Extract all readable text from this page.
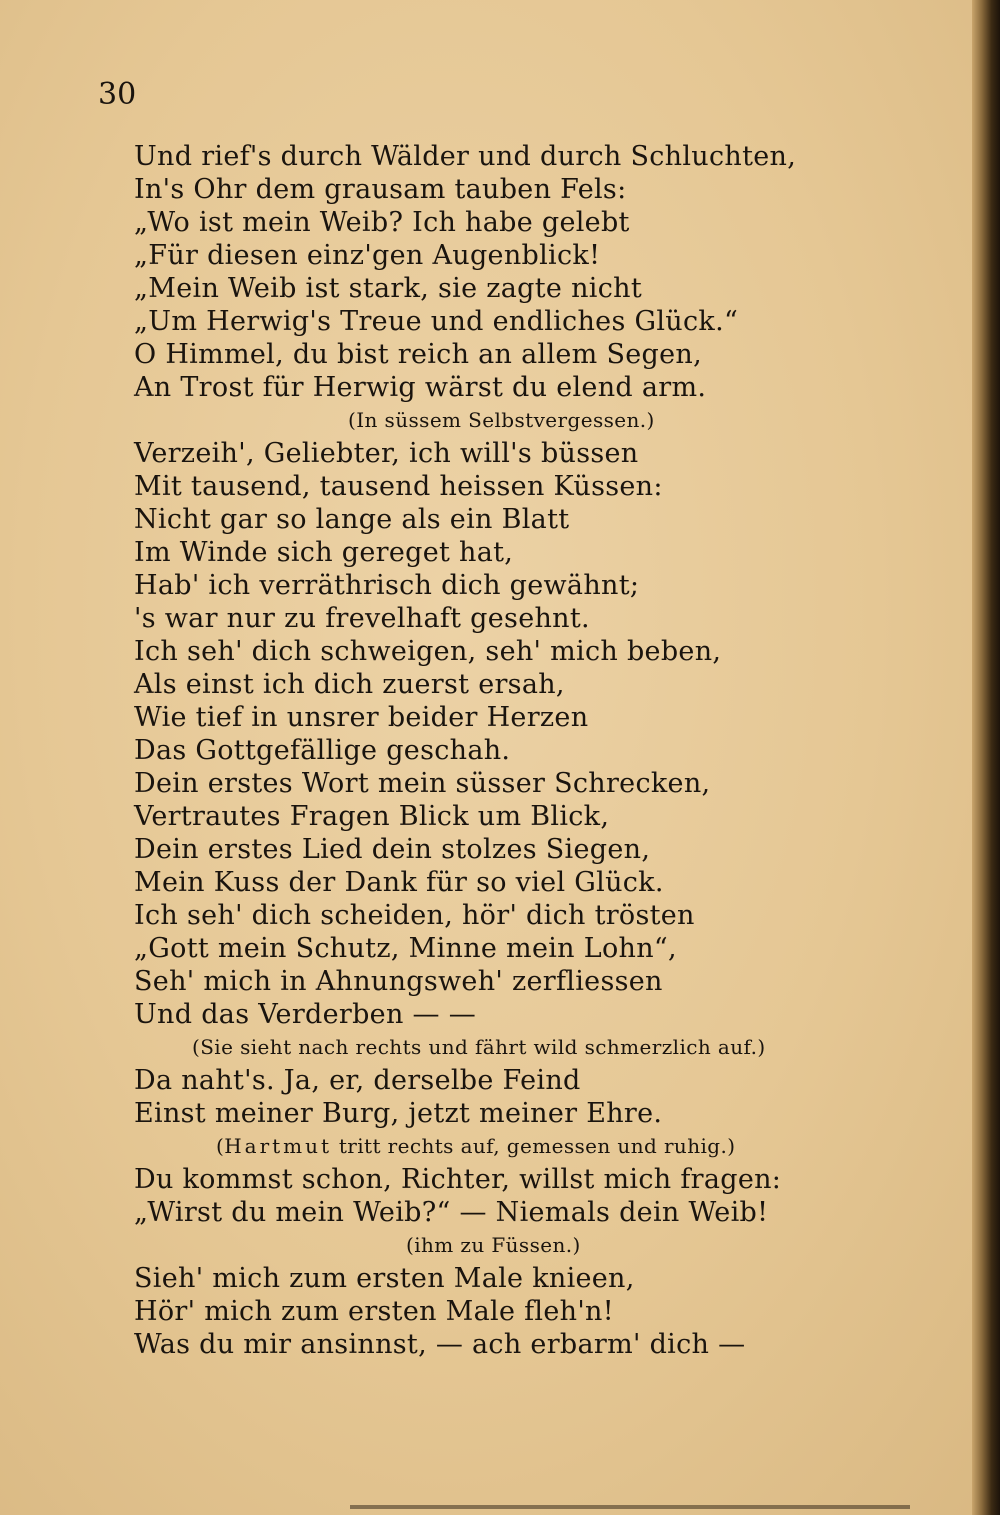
30

Und rief's durch Wälder und durch Schluchten,
In's Ohr dem grausam tauben Fels:
„Wo ist mein Weib? Ich habe gelebt
„Für diesen einz'gen Augenblick!
„Mein Weib ist stark, sie zagte nicht
„Um Herwig's Treue und endliches Glück.“
O Himmel, du bist reich an allem Segen,
An Trost für Herwig wärst du elend arm.
(In süssem Selbstvergessen.)
Verzeih', Geliebter, ich will's büssen
Mit tausend, tausend heissen Küssen:
Nicht gar so lange als ein Blatt
Im Winde sich gereget hat,
Hab' ich verräthrisch dich gewähnt;
's war nur zu frevelhaft gesehnt.
Ich seh' dich schweigen, seh' mich beben,
Als einst ich dich zuerst ersah,
Wie tief in unsrer beider Herzen
Das Gottgefällige geschah.
Dein erstes Wort mein süsser Schrecken,
Vertrautes Fragen Blick um Blick,
Dein erstes Lied dein stolzes Siegen,
Mein Kuss der Dank für so viel Glück.
Ich seh' dich scheiden, hör' dich trösten
„Gott mein Schutz, Minne mein Lohn“,
Seh' mich in Ahnungsweh' zerfliessen
Und das Verderben — —
(Sie sieht nach rechts und fährt wild schmerzlich auf.)
Da naht's. Ja, er, derselbe Feind
Einst meiner Burg, jetzt meiner Ehre.
(Hartmut tritt rechts auf, gemessen und ruhig.)
Du kommst schon, Richter, willst mich fragen:
„Wirst du mein Weib?“ — Niemals dein Weib!
(ihm zu Füssen.)
Sieh' mich zum ersten Male knieen,
Hör' mich zum ersten Male fleh'n!
Was du mir ansinnst, — ach erbarm' dich —
